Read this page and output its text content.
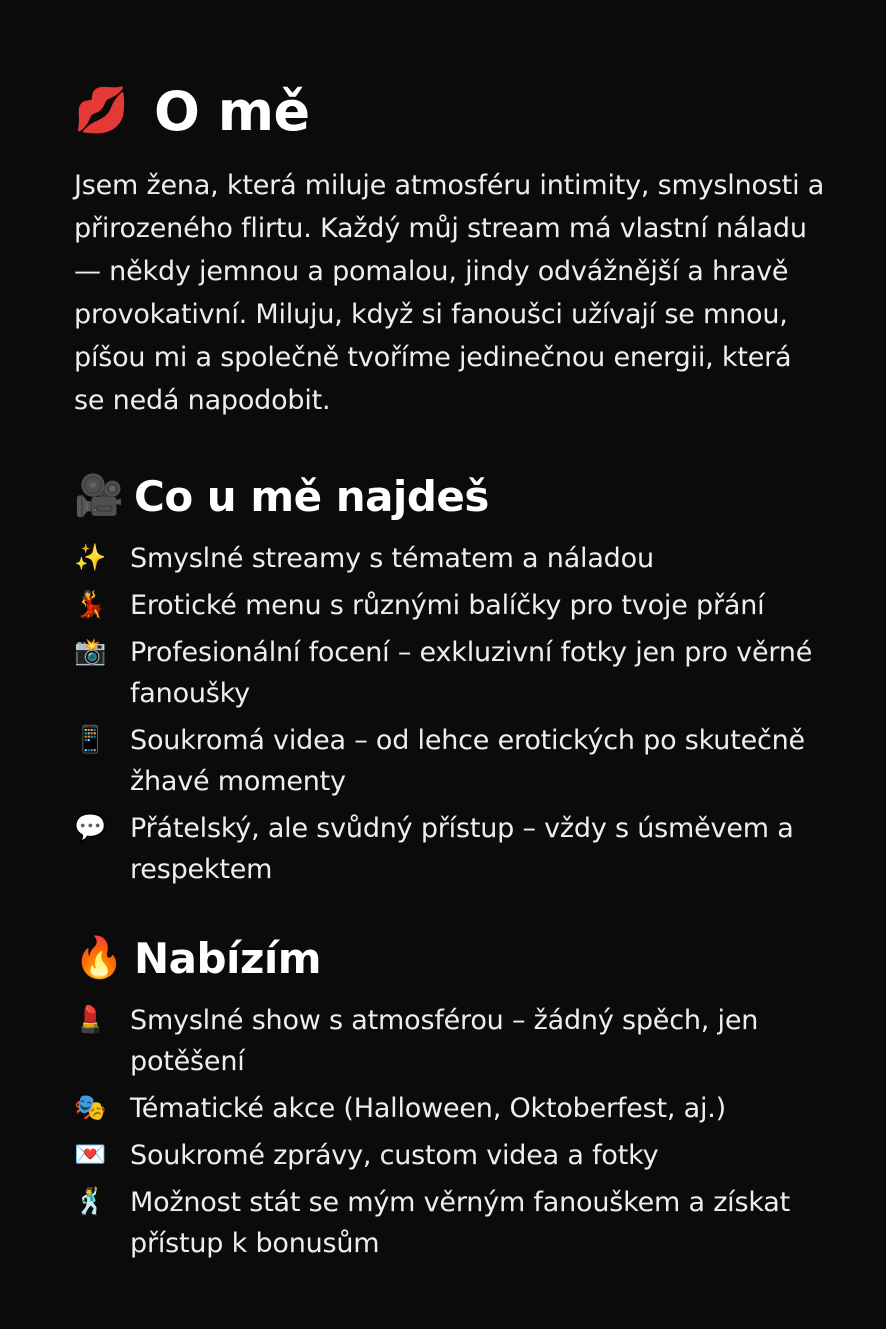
💋 O mě

Jsem žena, která miluje atmosféru intimity, smyslnosti a přirozeného flirtu. Každý můj stream má vlastní náladu — někdy jemnou a pomalou, jindy odvážnější a hravě provokativní. Miluju, když si fanoušci užívají se mnou, píšou mi a společně tvoříme jedinečnou energii, která se nedá napodobit.

🎥 Co u mě najdeš
✨ Smyslné streamy s tématem a náladou
💃 Erotické menu s různými balíčky pro tvoje přání
📸 Profesionální focení – exkluzivní fotky jen pro věrné fanoušky
📱 Soukromá videa – od lehce erotických po skutečně žhavé momenty
💬 Přátelský, ale svůdný přístup – vždy s úsměvem a respektem
🔥 Nabízím
💄 Smyslné show s atmosférou – žádný spěch, jen potěšení
🎭 Tématické akce (Halloween, Oktoberfest, aj.)
💌 Soukromé zprávy, custom videa a fotky
🕺 Možnost stát se mým věrným fanouškem a získat přístup k bonusům
